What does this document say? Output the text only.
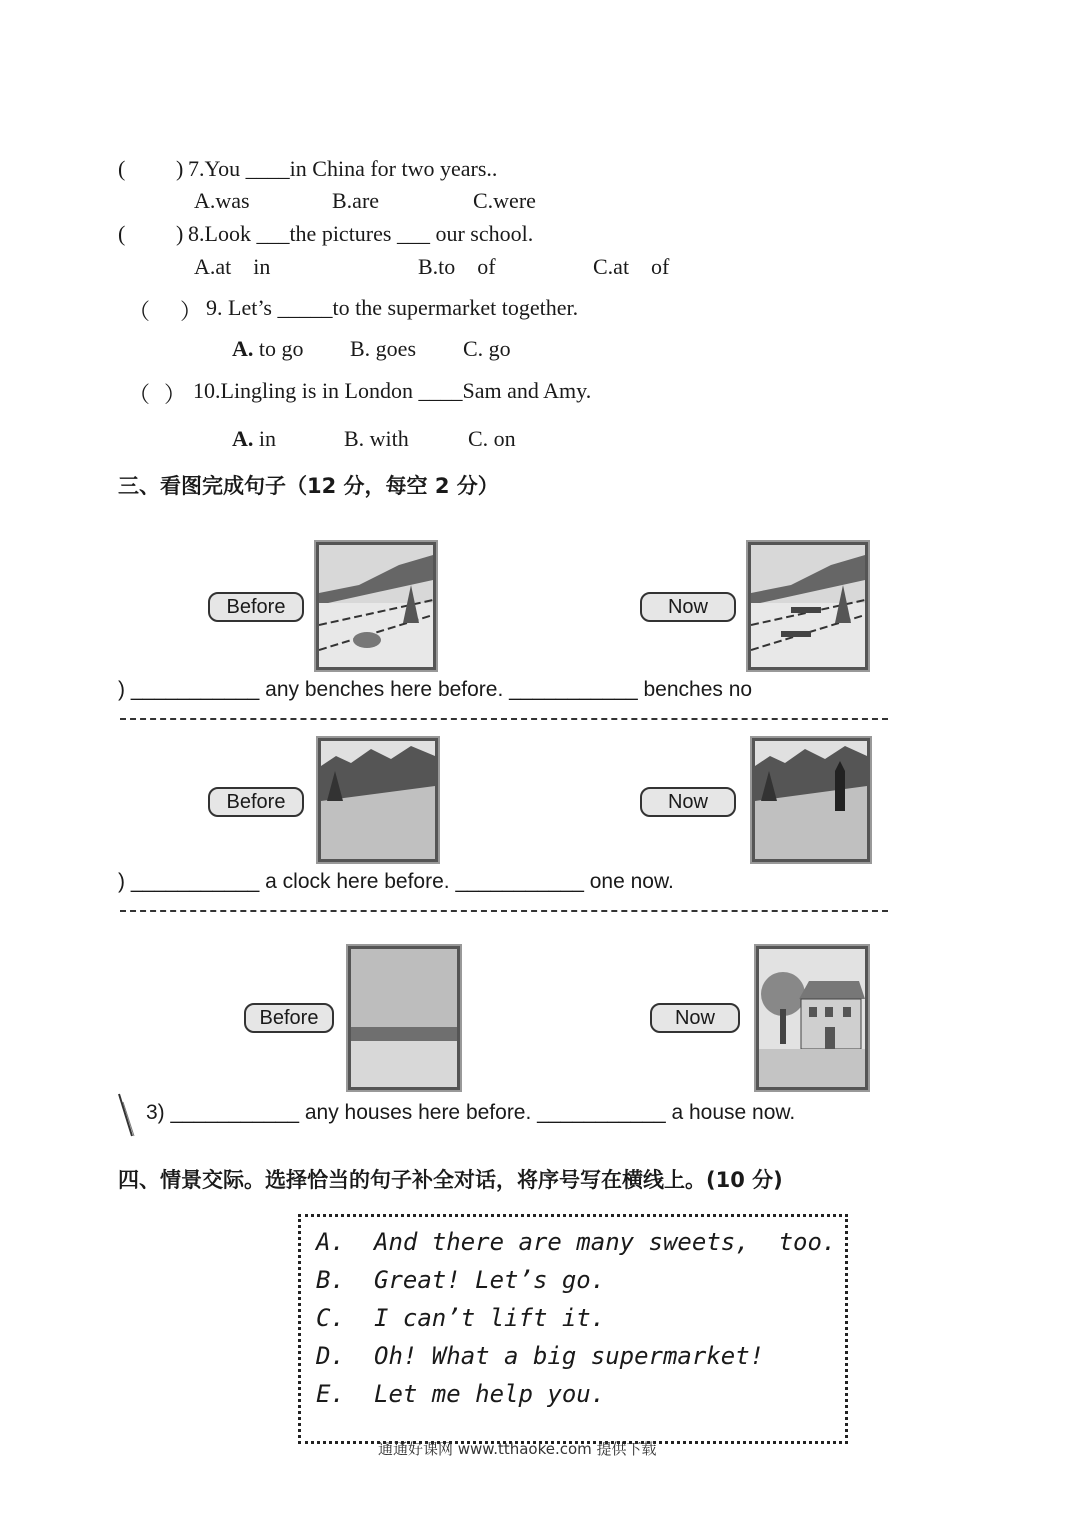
( ) 7.You ____in China for two years..
A.was	B.are	C.were
( ) 8.Look ___the pictures ___ our school.
A.at    in	B.to    of	C.at    of
（ ） 9. Let’s _____to the supermarket together.
A. to go B. goes C. go
（ ） 10.Lingling is in London ____Sam and Amy.
A. in	B. with	C. on
三、看图完成句子（12 分，每空 2 分）
Before	Now
) ___________ any benches here before. ___________ benches no
Before	Now
) ___________ a clock here before. ___________ one now.
Before	Now
3) ___________ any houses here before. ___________ a house now.
四、情景交际。选择恰当的句子补全对话，将序号写在横线上。(10 分)
A. And there are many sweets,  too.
B. Great! Let’s go.
C. I can’t lift it.
D. Oh! What a big supermarket!
E. Let me help you.
通通好课网 www.tthaoke.com 提供下载
